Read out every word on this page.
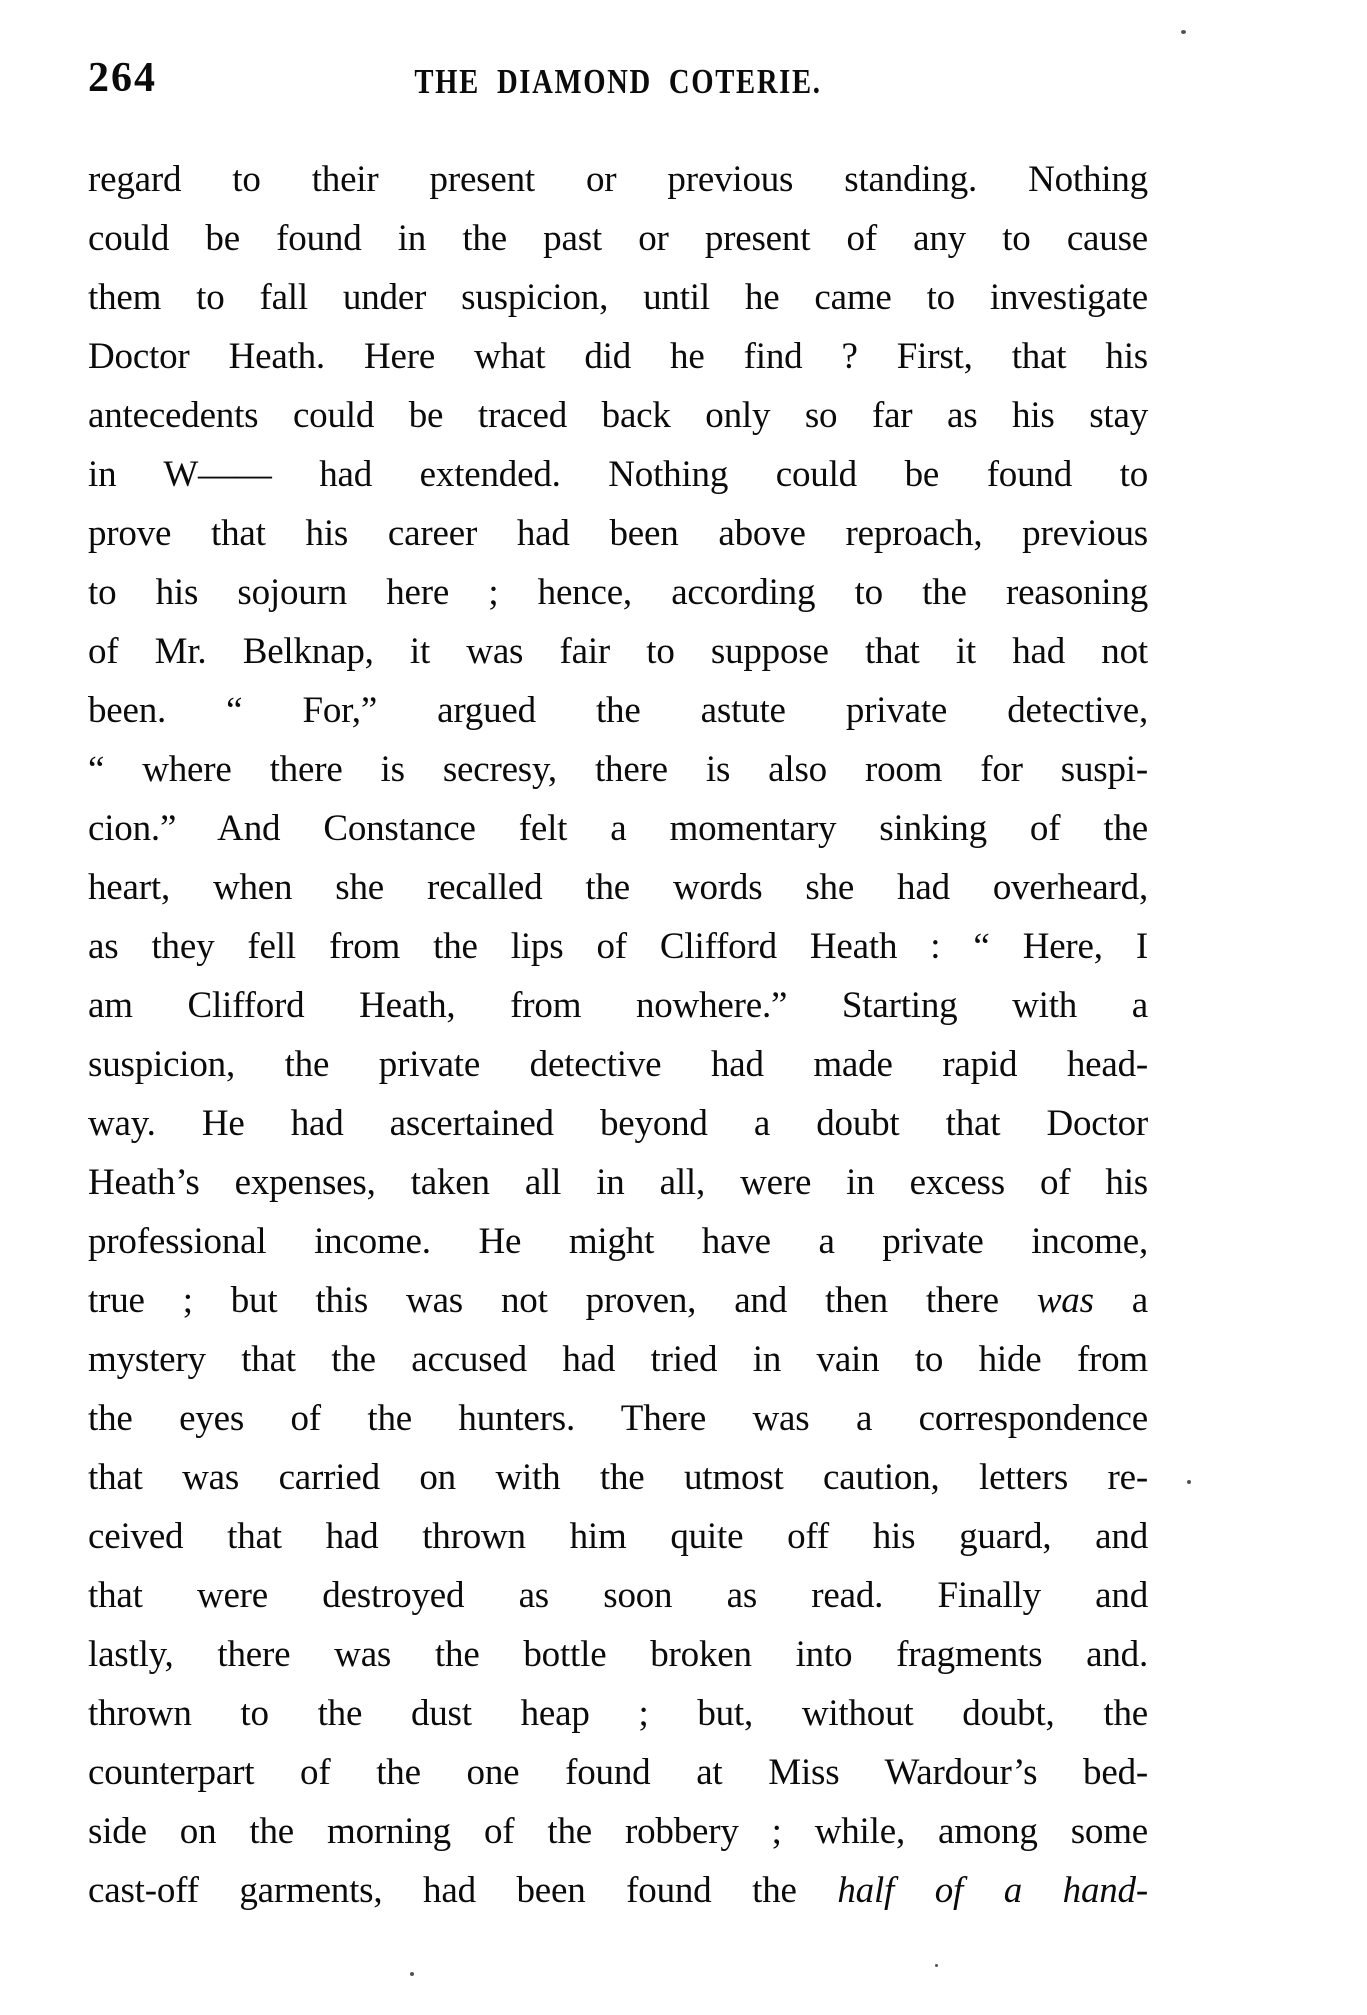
264	THE DIAMOND COTERIE.
regard to their present or previous standing. Nothing
could be found in the past or present of any to cause
them to fall under suspicion, until he came to investigate
Doctor Heath. Here what did he find ? First, that his
antecedents could be traced back only so far as his stay
in W—— had extended. Nothing could be found to
prove that his career had been above reproach, previous
to his sojourn here ; hence, according to the reasoning
of Mr. Belknap, it was fair to suppose that it had not
been. “ For,” argued the astute private detective,
“ where there is secresy, there is also room for suspi-
cion.” And Constance felt a momentary sinking of the
heart, when she recalled the words she had overheard,
as they fell from the lips of Clifford Heath : “ Here, I
am Clifford Heath, from nowhere.” Starting with a
suspicion, the private detective had made rapid head-
way. He had ascertained beyond a doubt that Doctor
Heath’s expenses, taken all in all, were in excess of his
professional income. He might have a private income,
true ; but this was not proven, and then there was a
mystery that the accused had tried in vain to hide from
the eyes of the hunters. There was a correspondence
that was carried on with the utmost caution, letters re-
ceived that had thrown him quite off his guard, and
that were destroyed as soon as read. Finally and
lastly, there was the bottle broken into fragments and.
thrown to the dust heap ; but, without doubt, the
counterpart of the one found at Miss Wardour’s bed-
side on the morning of the robbery ; while, among some
cast-off garments, had been found the half of a hand-
